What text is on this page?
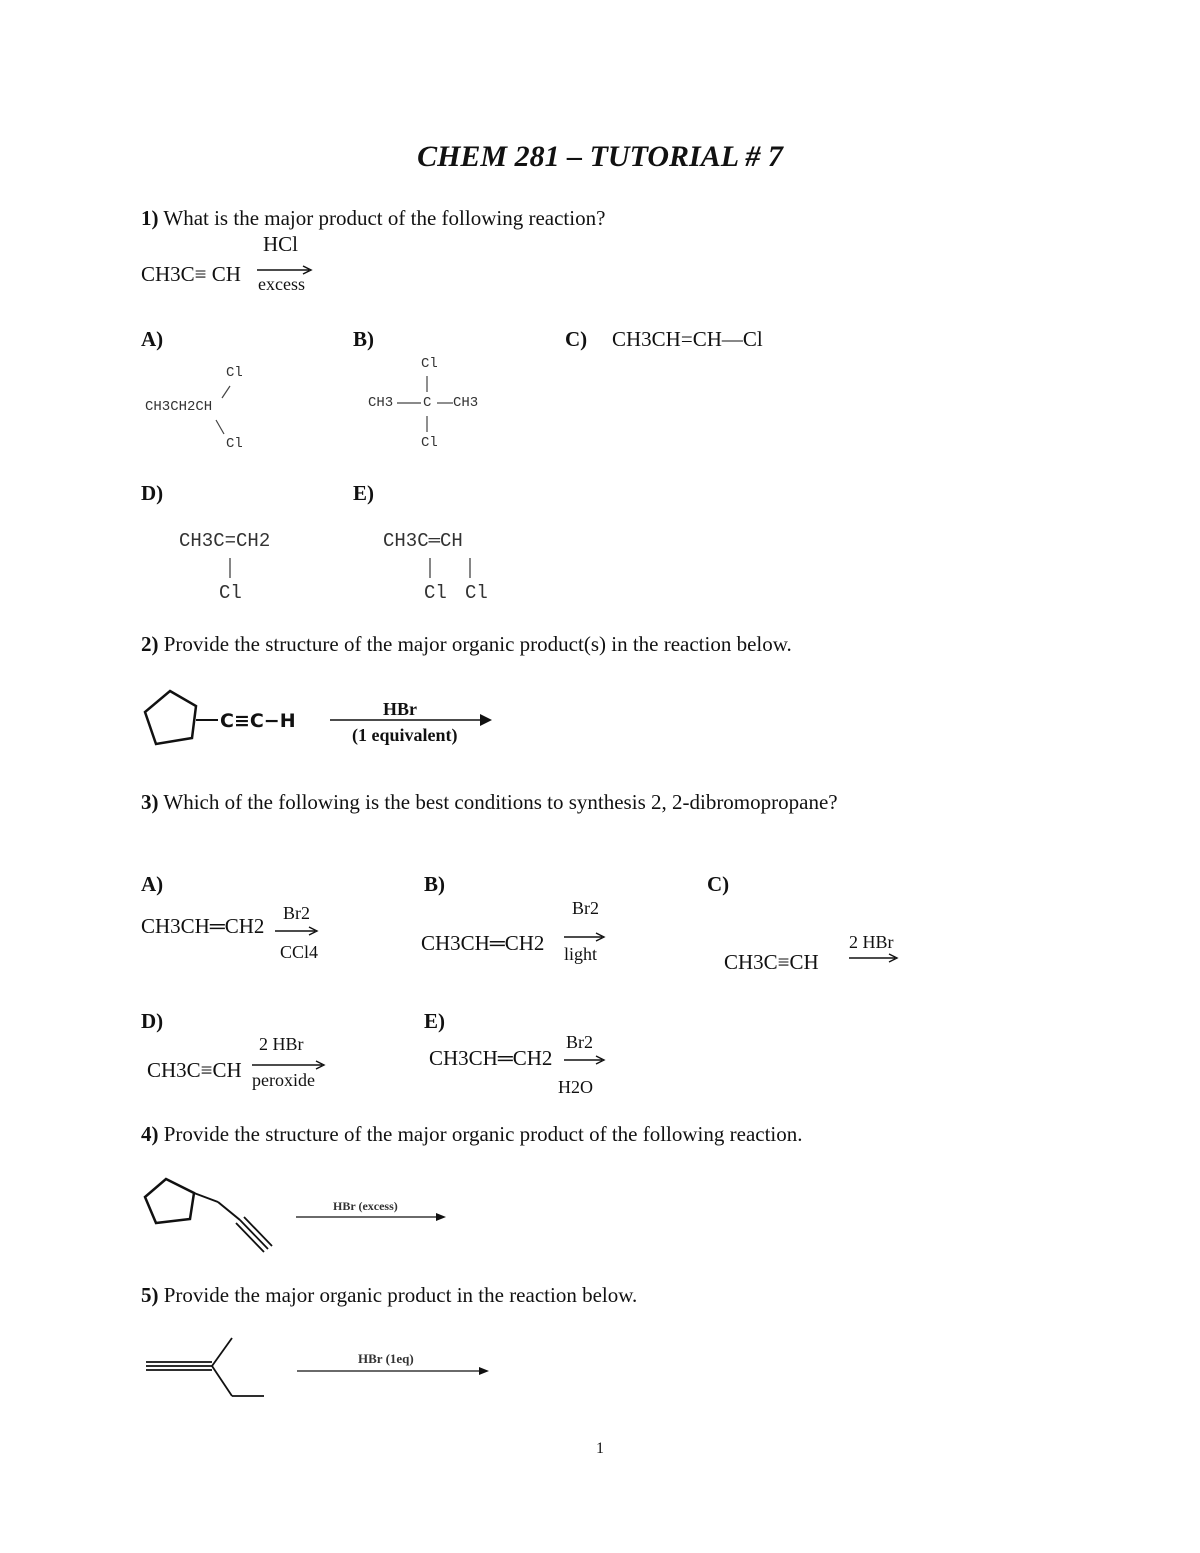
CHEM 281 – TUTORIAL # 7
1) What is the major product of the following reaction?
HCl
CH3C≡ CH excess
A)
Cl
CH3CH2CH
Cl
B)
Cl
CH3 C CH3
Cl
C) CH3CH=CH—Cl
D)
CH3C=CH2
Cl
E)
CH3C═CH
Cl Cl
2) Provide the structure of the major organic product(s) in the reaction below.
C≡C−H
HBr
(1 equivalent)
3) Which of the following is the best conditions to synthesis 2, 2-dibromopropane?
A)
CH3CH═CH2
Br2
CCl4
B)
Br2
CH3CH═CH2 light
C)
2 HBr
CH3C≡CH
D)
2 HBr
CH3C≡CH peroxide
E)
Br2
CH3CH═CH2
H2O
4) Provide the structure of the major organic product of the following reaction.
HBr (excess)
5) Provide the major organic product in the reaction below.
HBr (1eq)
1
